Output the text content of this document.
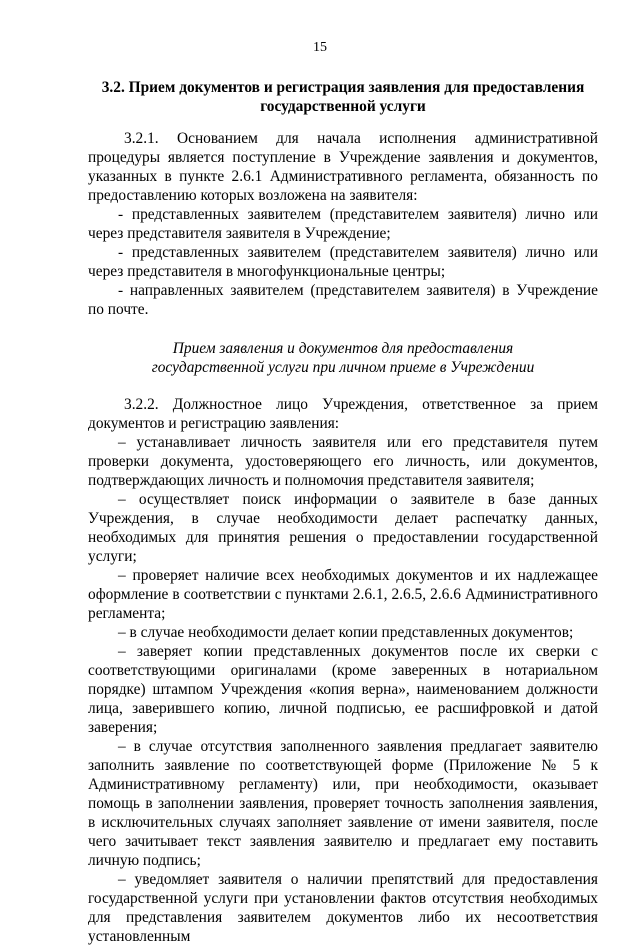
15
3.2. Прием документов и регистрация заявления для предоставления
государственной услуги

3.2.1. Основанием для начала исполнения административной процедуры является поступление в Учреждение заявления и документов, указанных в пункте 2.6.1 Административного регламента, обязанность по предоставлению которых возложена на заявителя:

- представленных заявителем (представителем заявителя) лично или через представителя заявителя в Учреждение;

- представленных заявителем (представителем заявителя) лично или через представителя в многофункциональные центры;

- направленных заявителем (представителем заявителя) в Учреждение по почте.

Прием заявления и документов для предоставления
государственной услуги при личном приеме в Учреждении

3.2.2. Должностное лицо Учреждения, ответственное за прием документов и регистрацию заявления:

– устанавливает личность заявителя или его представителя путем проверки документа, удостоверяющего его личность, или документов, подтверждающих личность и полномочия представителя заявителя;

– осуществляет поиск информации о заявителе в базе данных Учреждения, в случае необходимости делает распечатку данных, необходимых для принятия решения о предоставлении государственной услуги;

– проверяет наличие всех необходимых документов и их надлежащее оформление в соответствии с пунктами 2.6.1, 2.6.5, 2.6.6 Административного регламента;

– в случае необходимости делает копии представленных документов;

– заверяет копии представленных документов после их сверки с соответствующими оригиналами (кроме заверенных в нотариальном порядке) штампом Учреждения «копия верна», наименованием должности лица, заверившего копию, личной подписью, ее расшифровкой и датой заверения;

– в случае отсутствия заполненного заявления предлагает заявителю заполнить заявление по соответствующей форме (Приложение № 5 к Административному регламенту) или, при необходимости, оказывает помощь в заполнении заявления, проверяет точность заполнения заявления, в исключительных случаях заполняет заявление от имени заявителя, после чего зачитывает текст заявления заявителю и предлагает ему поставить личную подпись;

– уведомляет заявителя о наличии препятствий для предоставления государственной услуги при установлении фактов отсутствия необходимых для представления заявителем документов либо их несоответствия установленным
